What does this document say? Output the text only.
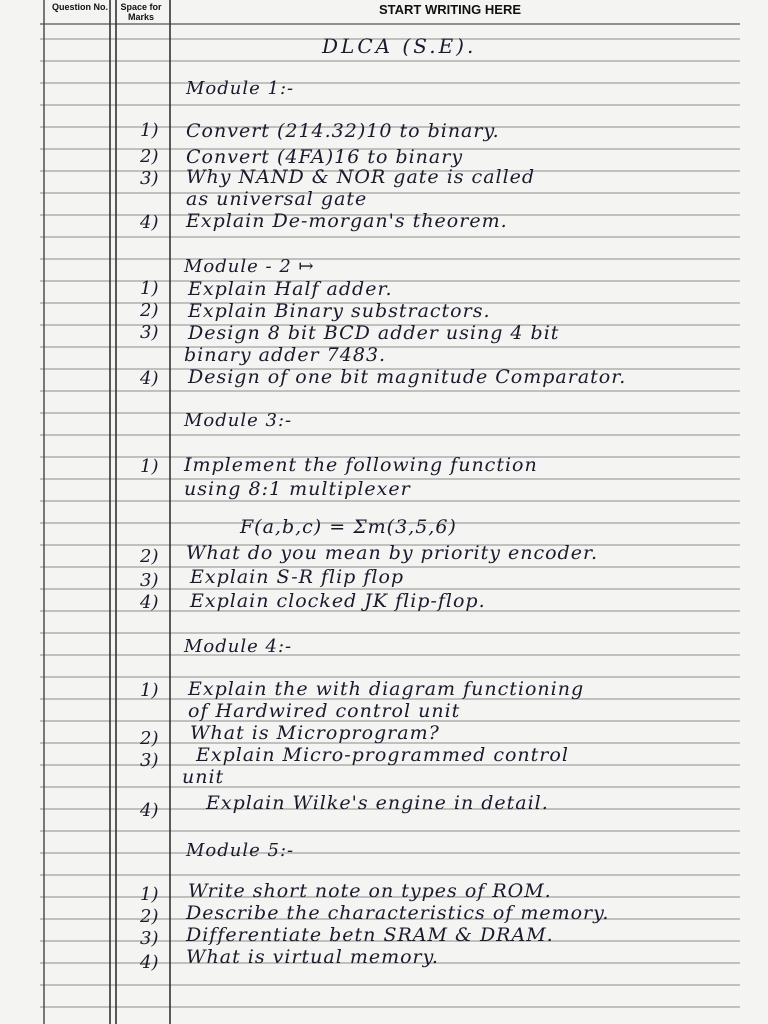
Question No.	Space for Marks	START WRITING HERE
DLCA (S.E).
Module 1:-
1) Convert (214.32)10 to binary.
2) Convert (4FA)16 to binary
3) Why NAND & NOR gate is called
as universal gate
4) Explain De-morgan's theorem.
Module - 2 ↦
1) Explain Half adder.
2) Explain Binary substractors.
3) Design 8 bit BCD adder using 4 bit
binary adder 7483.
4) Design of one bit magnitude Comparator.
Module 3:-
1) Implement the following function
using 8:1 multiplexer
F(a,b,c) = Σm(3,5,6)
2) What do you mean by priority encoder.
3) Explain S-R flip flop
4) Explain clocked JK flip-flop.
Module 4:-
1) Explain the with diagram functioning
of Hardwired control unit
2) What is Microprogram?
3) Explain Micro-programmed control
unit
4)	Explain Wilke's engine in detail.
Module 5:-
1) Write short note on types of ROM.
2) Describe the characteristics of memory.
3) Differentiate betn SRAM & DRAM.
4) What is virtual memory.
